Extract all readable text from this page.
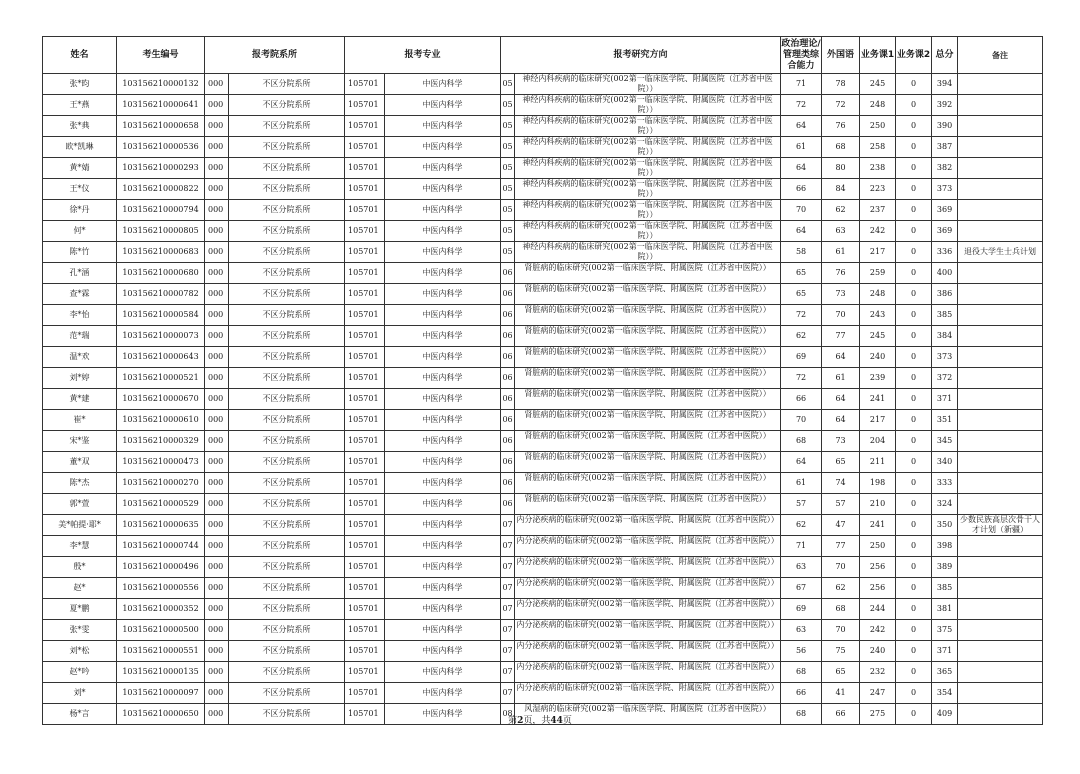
姓名	考生编号	报考院系所		报考专业		报考研究方向		政治理论/管理类综合能力	外国语	业务课1	业务课2	总分	备注
张*昀	103156210000132	000	不区分院系所	105701	中医内科学	05	神经内科疾病的临床研究(002第一临床医学院、附属医院（江苏省中医院））	71	78	245	0	394	
王*燕	103156210000641	000	不区分院系所	105701	中医内科学	05	神经内科疾病的临床研究(002第一临床医学院、附属医院（江苏省中医院））	72	72	248	0	392	
张*典	103156210000658	000	不区分院系所	105701	中医内科学	05	神经内科疾病的临床研究(002第一临床医学院、附属医院（江苏省中医院））	64	76	250	0	390	
欧*凯琳	103156210000536	000	不区分院系所	105701	中医内科学	05	神经内科疾病的临床研究(002第一临床医学院、附属医院（江苏省中医院））	61	68	258	0	387	
黄*婧	103156210000293	000	不区分院系所	105701	中医内科学	05	神经内科疾病的临床研究(002第一临床医学院、附属医院（江苏省中医院））	64	80	238	0	382	
王*仪	103156210000822	000	不区分院系所	105701	中医内科学	05	神经内科疾病的临床研究(002第一临床医学院、附属医院（江苏省中医院））	66	84	223	0	373	
徐*丹	103156210000794	000	不区分院系所	105701	中医内科学	05	神经内科疾病的临床研究(002第一临床医学院、附属医院（江苏省中医院））	70	62	237	0	369	
何*	103156210000805	000	不区分院系所	105701	中医内科学	05	神经内科疾病的临床研究(002第一临床医学院、附属医院（江苏省中医院））	64	63	242	0	369	
陈*竹	103156210000683	000	不区分院系所	105701	中医内科学	05	神经内科疾病的临床研究(002第一临床医学院、附属医院（江苏省中医院））	58	61	217	0	336	退役大学生士兵计划
孔*涵	103156210000680	000	不区分院系所	105701	中医内科学	06	肾脏病的临床研究(002第一临床医学院、附属医院（江苏省中医院））	65	76	259	0	400	
查*霖	103156210000782	000	不区分院系所	105701	中医内科学	06	肾脏病的临床研究(002第一临床医学院、附属医院（江苏省中医院））	65	73	248	0	386	
李*怡	103156210000584	000	不区分院系所	105701	中医内科学	06	肾脏病的临床研究(002第一临床医学院、附属医院（江苏省中医院））	72	70	243	0	385	
范*瑞	103156210000073	000	不区分院系所	105701	中医内科学	06	肾脏病的临床研究(002第一临床医学院、附属医院（江苏省中医院））	62	77	245	0	384	
温*欢	103156210000643	000	不区分院系所	105701	中医内科学	06	肾脏病的临床研究(002第一临床医学院、附属医院（江苏省中医院））	69	64	240	0	373	
刘*婷	103156210000521	000	不区分院系所	105701	中医内科学	06	肾脏病的临床研究(002第一临床医学院、附属医院（江苏省中医院））	72	61	239	0	372	
黄*建	103156210000670	000	不区分院系所	105701	中医内科学	06	肾脏病的临床研究(002第一临床医学院、附属医院（江苏省中医院））	66	64	241	0	371	
崔*	103156210000610	000	不区分院系所	105701	中医内科学	06	肾脏病的临床研究(002第一临床医学院、附属医院（江苏省中医院））	70	64	217	0	351	
宋*鉴	103156210000329	000	不区分院系所	105701	中医内科学	06	肾脏病的临床研究(002第一临床医学院、附属医院（江苏省中医院））	68	73	204	0	345	
董*双	103156210000473	000	不区分院系所	105701	中医内科学	06	肾脏病的临床研究(002第一临床医学院、附属医院（江苏省中医院））	64	65	211	0	340	
陈*杰	103156210000270	000	不区分院系所	105701	中医内科学	06	肾脏病的临床研究(002第一临床医学院、附属医院（江苏省中医院））	61	74	198	0	333	
郭*萱	103156210000529	000	不区分院系所	105701	中医内科学	06	肾脏病的临床研究(002第一临床医学院、附属医院（江苏省中医院））	57	57	210	0	324	
美*帕提·耶*	103156210000635	000	不区分院系所	105701	中医内科学	07	内分泌疾病的临床研究(002第一临床医学院、附属医院（江苏省中医院））	62	47	241	0	350	少数民族高层次骨干人才计划（新疆）
李*慧	103156210000744	000	不区分院系所	105701	中医内科学	07	内分泌疾病的临床研究(002第一临床医学院、附属医院（江苏省中医院））	71	77	250	0	398	
殷*	103156210000496	000	不区分院系所	105701	中医内科学	07	内分泌疾病的临床研究(002第一临床医学院、附属医院（江苏省中医院））	63	70	256	0	389	
赵*	103156210000556	000	不区分院系所	105701	中医内科学	07	内分泌疾病的临床研究(002第一临床医学院、附属医院（江苏省中医院））	67	62	256	0	385	
夏*鹏	103156210000352	000	不区分院系所	105701	中医内科学	07	内分泌疾病的临床研究(002第一临床医学院、附属医院（江苏省中医院））	69	68	244	0	381	
张*雯	103156210000500	000	不区分院系所	105701	中医内科学	07	内分泌疾病的临床研究(002第一临床医学院、附属医院（江苏省中医院））	63	70	242	0	375	
刘*松	103156210000551	000	不区分院系所	105701	中医内科学	07	内分泌疾病的临床研究(002第一临床医学院、附属医院（江苏省中医院））	56	75	240	0	371	
赵*吟	103156210000135	000	不区分院系所	105701	中医内科学	07	内分泌疾病的临床研究(002第一临床医学院、附属医院（江苏省中医院））	68	65	232	0	365	
刘*	103156210000097	000	不区分院系所	105701	中医内科学	07	内分泌疾病的临床研究(002第一临床医学院、附属医院（江苏省中医院））	66	41	247	0	354	
杨*言	103156210000650	000	不区分院系所	105701	中医内科学	08	风湿病的临床研究(002第一临床医学院、附属医院（江苏省中医院））	68	66	275	0	409	
第2页，共44页
